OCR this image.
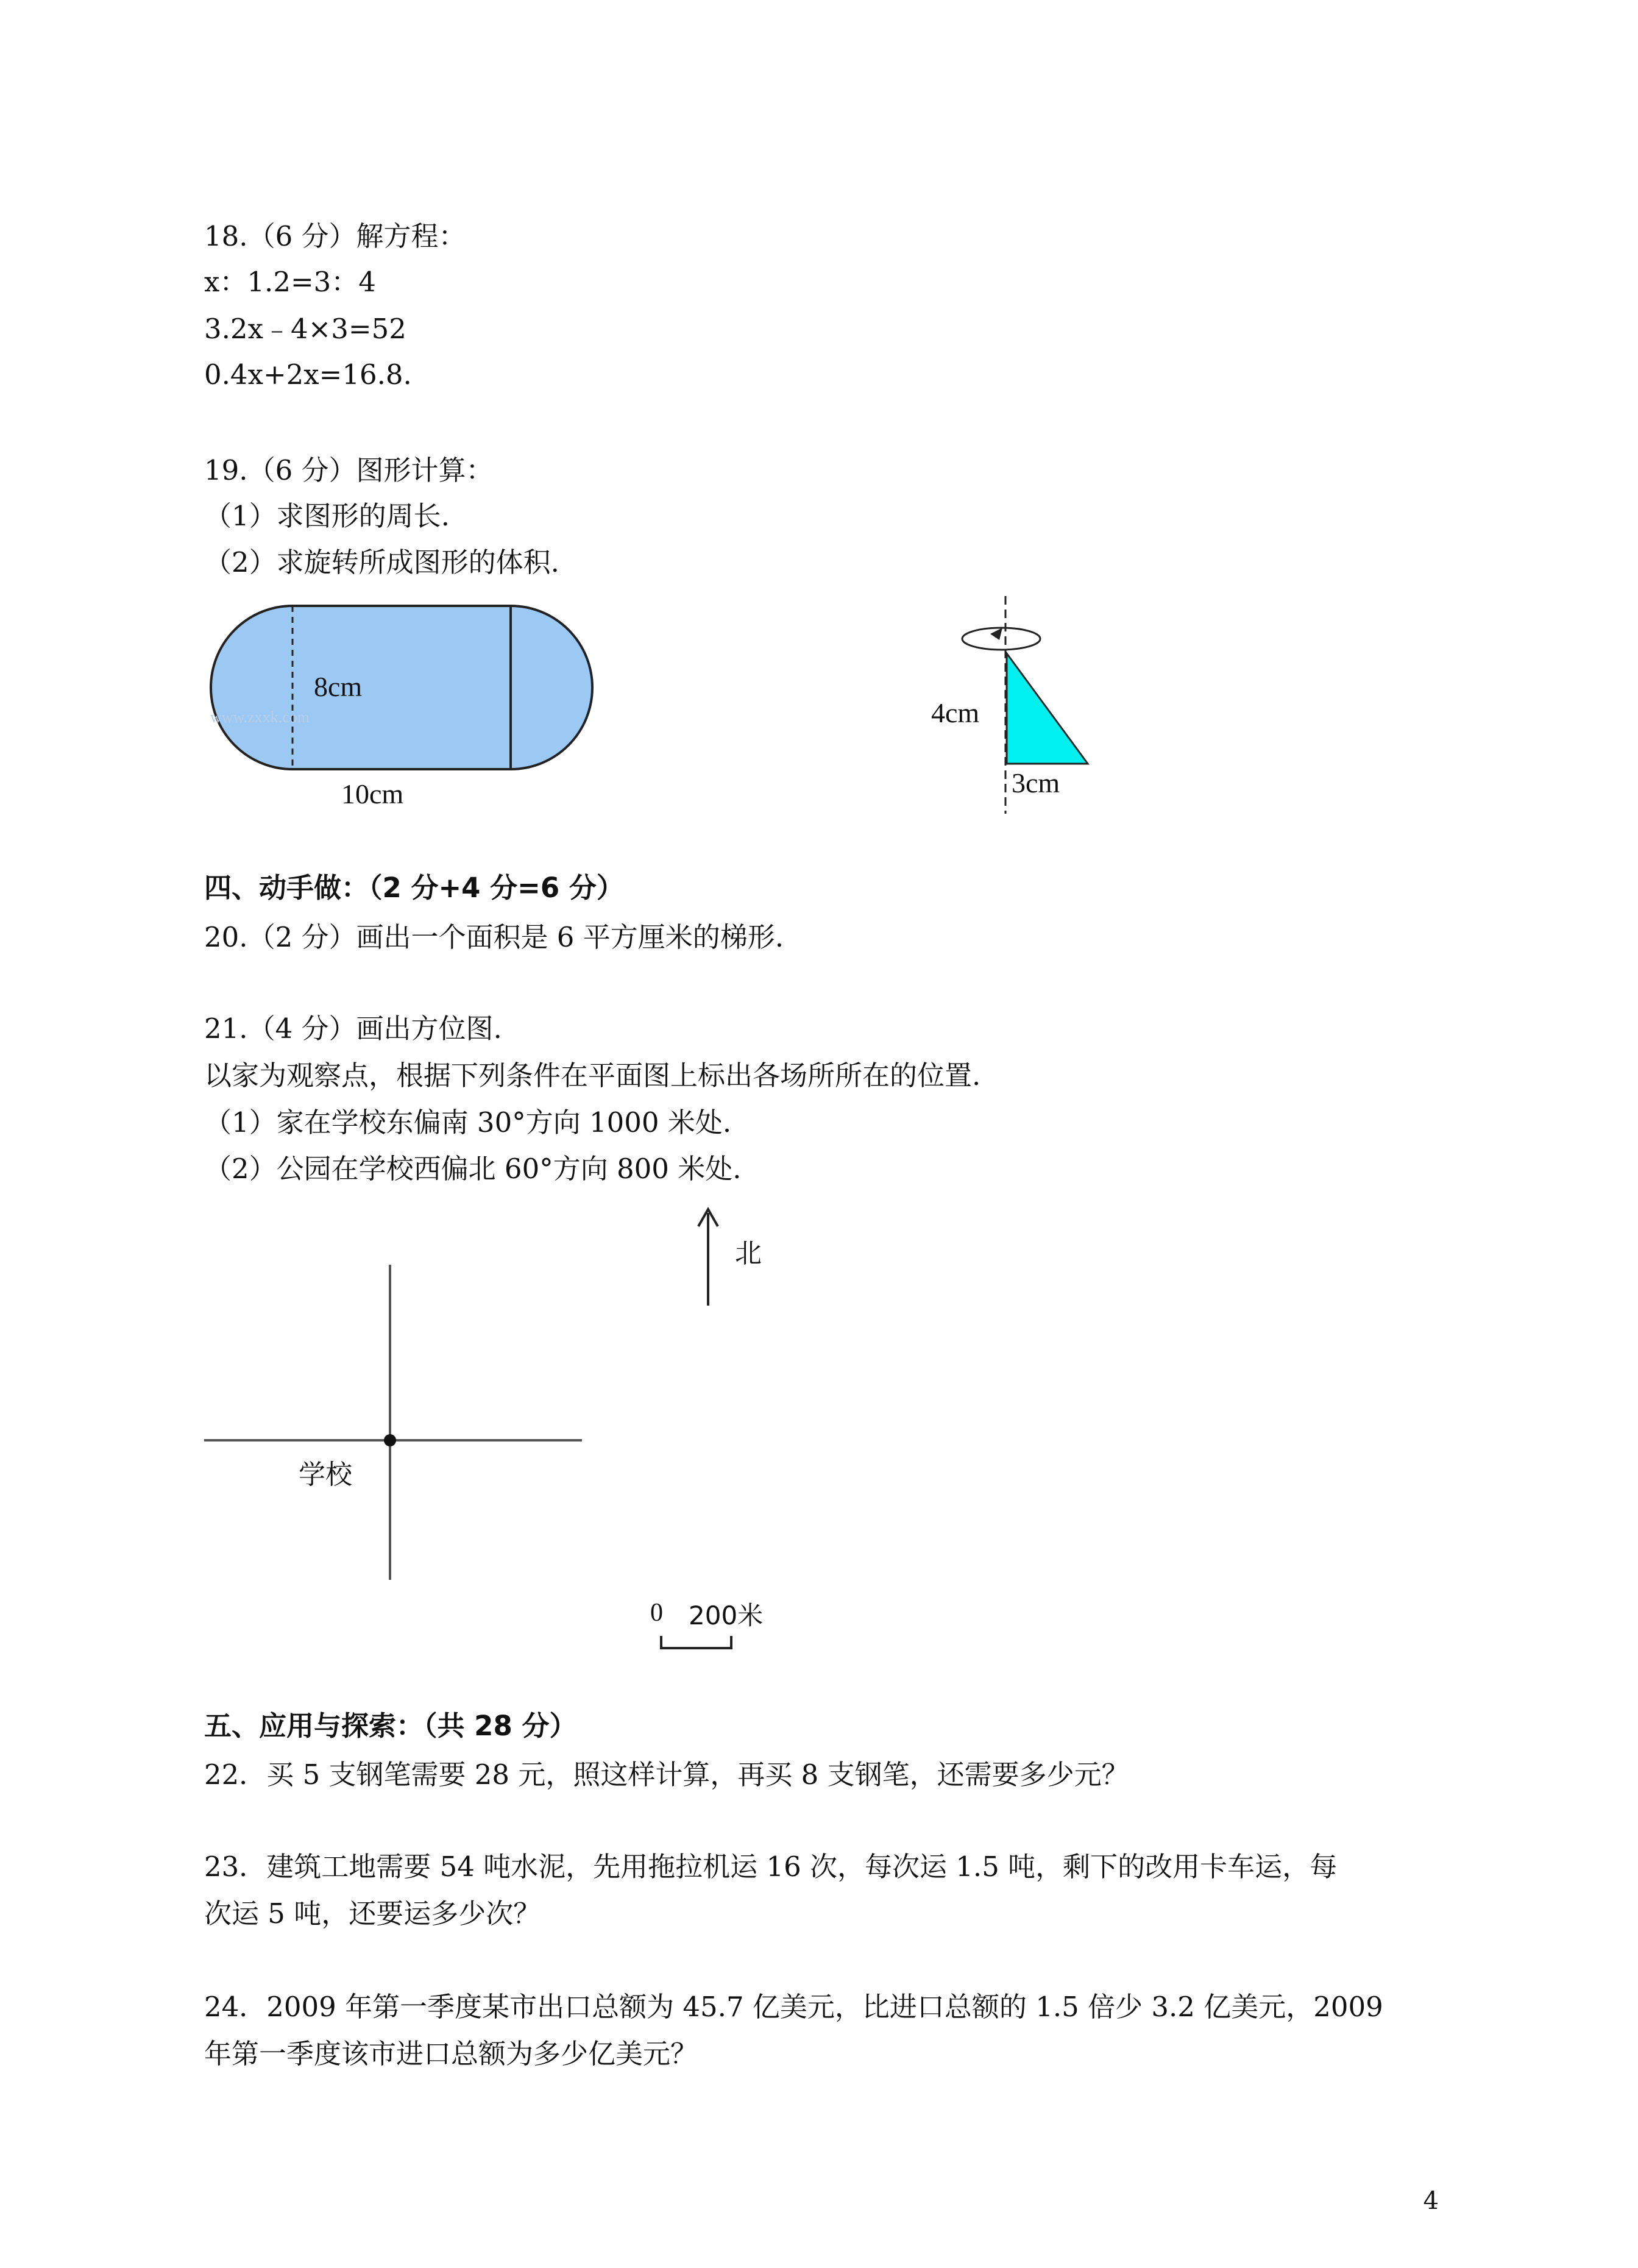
18.（6 分）解方程：
x：1.2=3：4
3.2x﹣4×3=52
0.4x+2x=16.8.
19.（6 分）图形计算：
（1）求图形的周长.
（2）求旋转所成图形的体积.
8cm
10cm
www.zxxk.com	4cm
3cm
四、动手做：（2 分+4 分=6 分）
20.（2 分）画出一个面积是 6 平方厘米的梯形.
21.（4 分）画出方位图.
以家为观察点，根据下列条件在平面图上标出各场所所在的位置.
（1）家在学校东偏南 30°方向 1000 米处.
（2）公园在学校西偏北 60°方向 800 米处.
北
学校
0 200米
五、应用与探索：（共 28 分）
22．买 5 支钢笔需要 28 元，照这样计算，再买 8 支钢笔，还需要多少元？
23．建筑工地需要 54 吨水泥，先用拖拉机运 16 次，每次运 1.5 吨，剩下的改用卡车运，每
次运 5 吨，还要运多少次？
24．2009 年第一季度某市出口总额为 45.7 亿美元，比进口总额的 1.5 倍少 3.2 亿美元，2009
年第一季度该市进口总额为多少亿美元？
4
